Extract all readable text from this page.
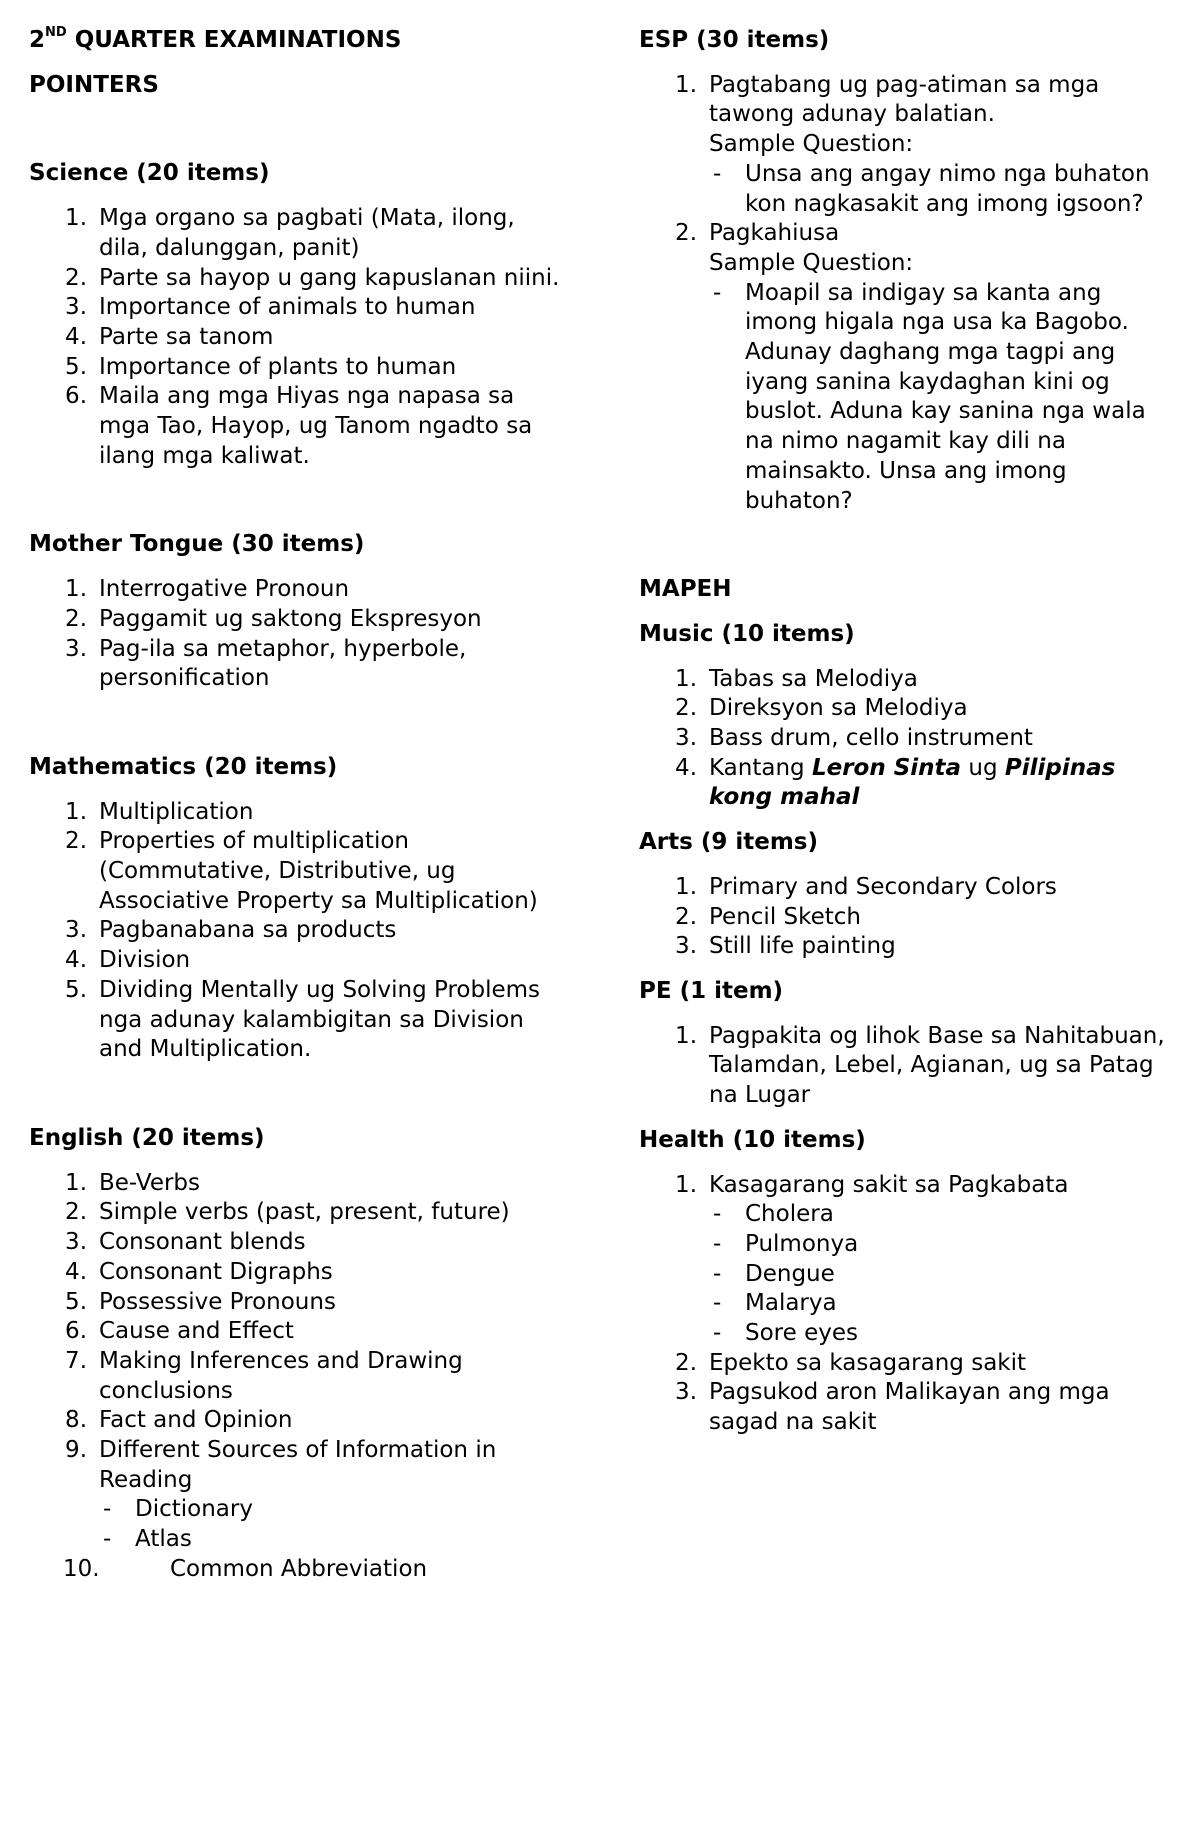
2ND QUARTER EXAMINATIONS
POINTERS
Science (20 items)
1 . Mga organo sa pagbati (Mata, ilong, dila, dalunggan, panit)
2 . Parte sa hayop u gang kapuslanan niini.
3 . Importance of animals to human
4 . Parte sa tanom
5 . Importance of plants to human
6 . Maila ang mga Hiyas nga napasa sa mga Tao, Hayop, ug Tanom ngadto sa ilang mga kaliwat.
Mother Tongue (30 items)
1 . Interrogative Pronoun
2 . Paggamit ug saktong Ekspresyon
3 . Pag-ila sa metaphor, hyperbole, personification
Mathematics (20 items)
1 . Multiplication
2 . Properties of multiplication (Commutative, Distributive, ug Associative Property sa Multiplication)
3 . Pagbanabana sa products
4 . Division
5 . Dividing Mentally ug Solving Problems nga adunay kalambigitan sa Division and Multiplication.
English (20 items)
1 . Be-Verbs
2 . Simple verbs (past, present, future)
3 . Consonant blends
4 . Consonant Digraphs
5 . Possessive Pronouns
6 . Cause and Effect
7 . Making Inferences and Drawing conclusions
8 . Fact and Opinion
9 . Different Sources of Information in Reading
- Dictionary
- Atlas
10 .	Common Abbreviation
ESP (30 items)
1 . Pagtabang ug pag-atiman sa mga tawong adunay balatian.
Sample Question:
- Unsa ang angay nimo nga buhaton kon nagkasakit ang imong igsoon?
2 . Pagkahiusa
Sample Question:
- Moapil sa indigay sa kanta ang imong higala nga usa ka Bagobo. Adunay daghang mga tagpi ang iyang sanina kaydaghan kini og buslot. Aduna kay sanina nga wala na nimo nagamit kay dili na mainsakto. Unsa ang imong buhaton?
MAPEH
Music (10 items)
1 . Tabas sa Melodiya
2 . Direksyon sa Melodiya
3 . Bass drum, cello instrument
4 . Kantang Leron Sinta ug Pilipinas kong mahal
Arts (9 items)
1 . Primary and Secondary Colors
2 . Pencil Sketch
3 . Still life painting
PE (1 item)
1 . Pagpakita og lihok Base sa Nahitabuan, Talamdan, Lebel, Agianan, ug sa Patag na Lugar
Health (10 items)
1 . Kasagarang sakit sa Pagkabata
- Cholera
- Pulmonya
- Dengue
- Malarya
- Sore eyes
2 . Epekto sa kasagarang sakit
3 . Pagsukod aron Malikayan ang mga sagad na sakit
